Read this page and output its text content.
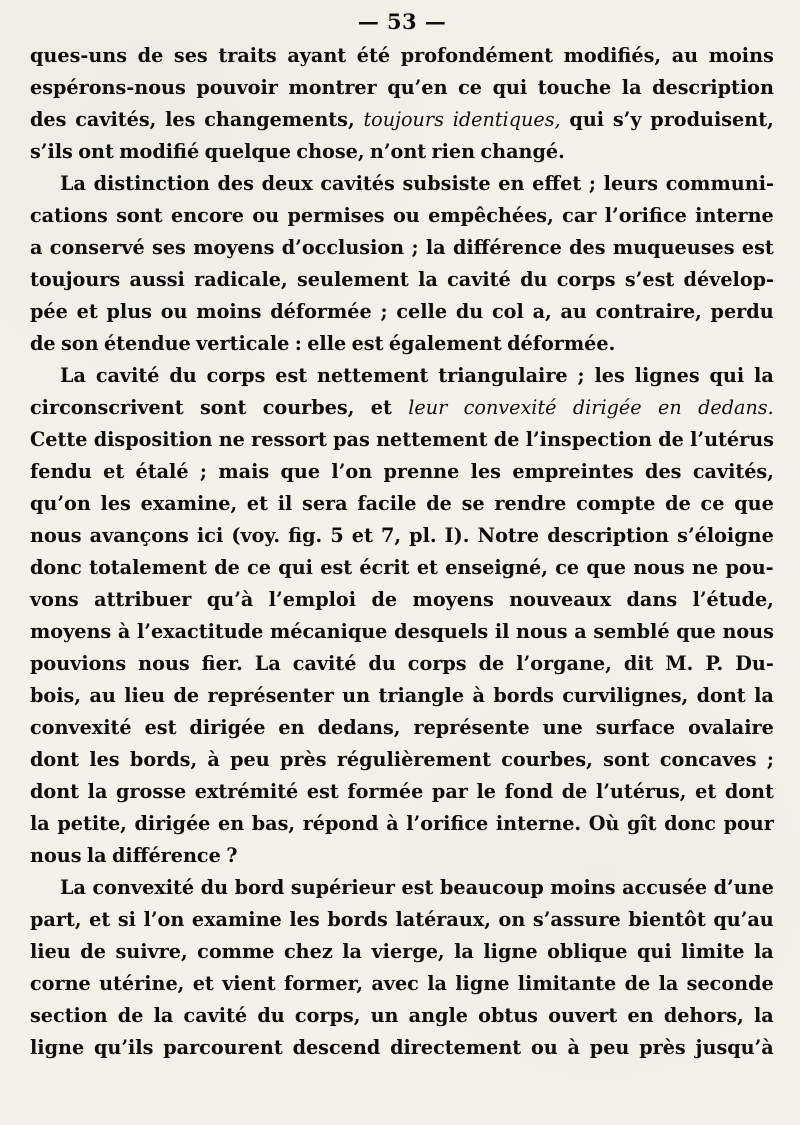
— 53 —
ques-uns de ses traits ayant été profondément modifiés, au moins
espérons-nous pouvoir montrer qu’en ce qui touche la description
des cavités, les changements, toujours identiques, qui s’y produisent,
s’ils ont modifié quelque chose, n’ont rien changé.
La distinction des deux cavités subsiste en effet ; leurs communi-
cations sont encore ou permises ou empêchées, car l’orifice interne
a conservé ses moyens d’occlusion ; la différence des muqueuses est
toujours aussi radicale, seulement la cavité du corps s’est dévelop-
pée et plus ou moins déformée ; celle du col a, au contraire, perdu
de son étendue verticale : elle est également déformée.
La cavité du corps est nettement triangulaire ; les lignes qui la
circonscrivent sont courbes, et leur convexité dirigée en dedans.
Cette disposition ne ressort pas nettement de l’inspection de l’utérus
fendu et étalé ; mais que l’on prenne les empreintes des cavités,
qu’on les examine, et il sera facile de se rendre compte de ce que
nous avançons ici (voy. fig. 5 et 7, pl. I). Notre description s’éloigne
donc totalement de ce qui est écrit et enseigné, ce que nous ne pou-
vons attribuer qu’à l’emploi de moyens nouveaux dans l’étude,
moyens à l’exactitude mécanique desquels il nous a semblé que nous
pouvions nous fier. La cavité du corps de l’organe, dit M. P. Du-
bois, au lieu de représenter un triangle à bords curvilignes, dont la
convexité est dirigée en dedans, représente une surface ovalaire
dont les bords, à peu près régulièrement courbes, sont concaves ;
dont la grosse extrémité est formée par le fond de l’utérus, et dont
la petite, dirigée en bas, répond à l’orifice interne. Où gît donc pour
nous la différence ?
La convexité du bord supérieur est beaucoup moins accusée d’une
part, et si l’on examine les bords latéraux, on s’assure bientôt qu’au
lieu de suivre, comme chez la vierge, la ligne oblique qui limite la
corne utérine, et vient former, avec la ligne limitante de la seconde
section de la cavité du corps, un angle obtus ouvert en dehors, la
ligne qu’ils parcourent descend directement ou à peu près jusqu’à
